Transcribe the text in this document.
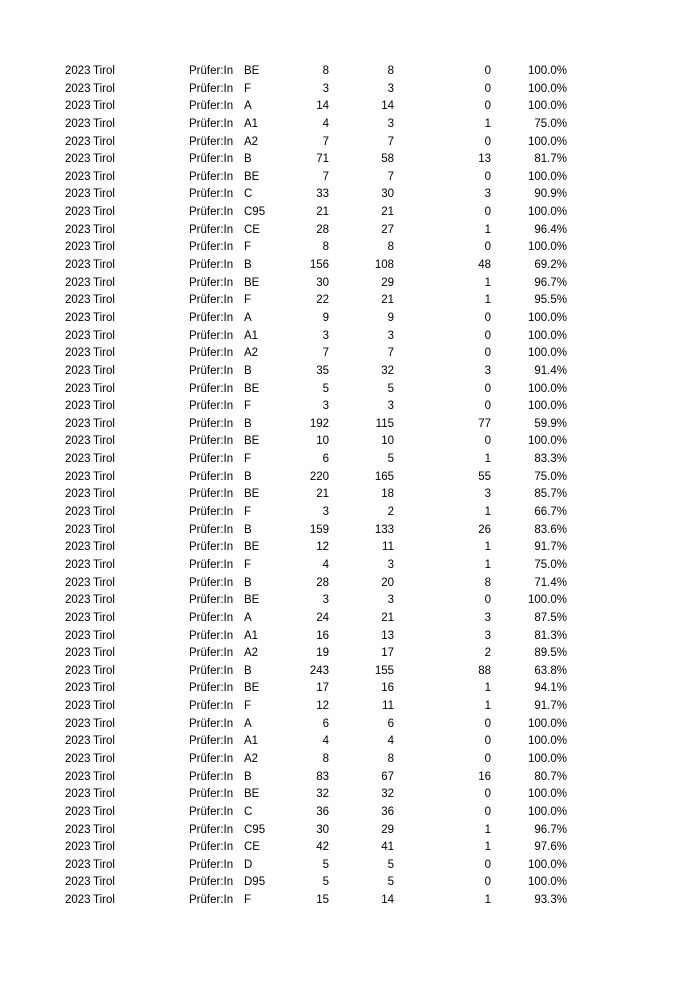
2023 Tirol	Prüfer:In BE	8	8	0	100.0%
2023 Tirol	Prüfer:In F	3	3	0	100.0%
2023 Tirol	Prüfer:In A	14	14	0	100.0%
2023 Tirol	Prüfer:In A1	4	3	1	75.0%
2023 Tirol	Prüfer:In A2	7	7	0	100.0%
2023 Tirol	Prüfer:In B	71	58	13	81.7%
2023 Tirol	Prüfer:In BE	7	7	0	100.0%
2023 Tirol	Prüfer:In C	33	30	3	90.9%
2023 Tirol	Prüfer:In C95	21	21	0	100.0%
2023 Tirol	Prüfer:In CE	28	27	1	96.4%
2023 Tirol	Prüfer:In F	8	8	0	100.0%
2023 Tirol	Prüfer:In B	156	108	48	69.2%
2023 Tirol	Prüfer:In BE	30	29	1	96.7%
2023 Tirol	Prüfer:In F	22	21	1	95.5%
2023 Tirol	Prüfer:In A	9	9	0	100.0%
2023 Tirol	Prüfer:In A1	3	3	0	100.0%
2023 Tirol	Prüfer:In A2	7	7	0	100.0%
2023 Tirol	Prüfer:In B	35	32	3	91.4%
2023 Tirol	Prüfer:In BE	5	5	0	100.0%
2023 Tirol	Prüfer:In F	3	3	0	100.0%
2023 Tirol	Prüfer:In B	192	115	77	59.9%
2023 Tirol	Prüfer:In BE	10	10	0	100.0%
2023 Tirol	Prüfer:In F	6	5	1	83.3%
2023 Tirol	Prüfer:In B	220	165	55	75.0%
2023 Tirol	Prüfer:In BE	21	18	3	85.7%
2023 Tirol	Prüfer:In F	3	2	1	66.7%
2023 Tirol	Prüfer:In B	159	133	26	83.6%
2023 Tirol	Prüfer:In BE	12	11	1	91.7%
2023 Tirol	Prüfer:In F	4	3	1	75.0%
2023 Tirol	Prüfer:In B	28	20	8	71.4%
2023 Tirol	Prüfer:In BE	3	3	0	100.0%
2023 Tirol	Prüfer:In A	24	21	3	87.5%
2023 Tirol	Prüfer:In A1	16	13	3	81.3%
2023 Tirol	Prüfer:In A2	19	17	2	89.5%
2023 Tirol	Prüfer:In B	243	155	88	63.8%
2023 Tirol	Prüfer:In BE	17	16	1	94.1%
2023 Tirol	Prüfer:In F	12	11	1	91.7%
2023 Tirol	Prüfer:In A	6	6	0	100.0%
2023 Tirol	Prüfer:In A1	4	4	0	100.0%
2023 Tirol	Prüfer:In A2	8	8	0	100.0%
2023 Tirol	Prüfer:In B	83	67	16	80.7%
2023 Tirol	Prüfer:In BE	32	32	0	100.0%
2023 Tirol	Prüfer:In C	36	36	0	100.0%
2023 Tirol	Prüfer:In C95	30	29	1	96.7%
2023 Tirol	Prüfer:In CE	42	41	1	97.6%
2023 Tirol	Prüfer:In D	5	5	0	100.0%
2023 Tirol	Prüfer:In D95	5	5	0	100.0%
2023 Tirol	Prüfer:In F	15	14	1	93.3%
